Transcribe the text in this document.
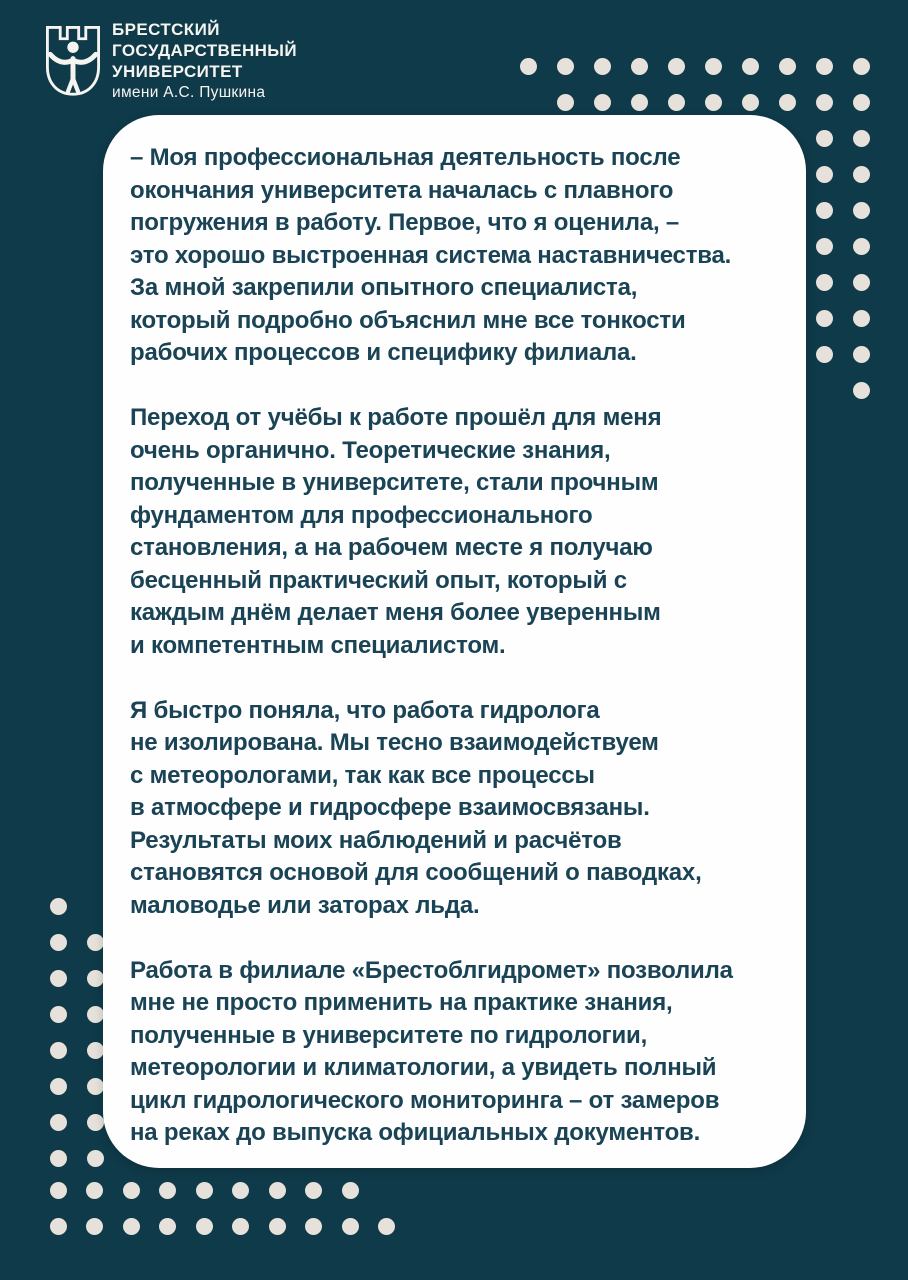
БРЕСТСКИЙ
ГОСУДАРСТВЕННЫЙ
УНИВЕРСИТЕТ
имени А.С. Пушкина
– Моя профессиональная деятельность после
окончания университета началась с плавного
погружения в работу. Первое, что я оценила, –
это хорошо выстроенная система наставничества.
За мной закрепили опытного специалиста,
который подробно объяснил мне все тонкости
рабочих процессов и специфику филиала.
Переход от учёбы к работе прошёл для меня
очень органично. Теоретические знания,
полученные в университете, стали прочным
фундаментом для профессионального
становления, а на рабочем месте я получаю
бесценный практический опыт, который с
каждым днём делает меня более уверенным
и компетентным специалистом.
Я быстро поняла, что работа гидролога
не изолирована. Мы тесно взаимодействуем
с метеорологами, так как все процессы
в атмосфере и гидросфере взаимосвязаны.
Результаты моих наблюдений и расчётов
становятся основой для сообщений о паводках,
маловодье или заторах льда.
Работа в филиале «Брестоблгидромет» позволила
мне не просто применить на практике знания,
полученные в университете по гидрологии,
метеорологии и климатологии, а увидеть полный
цикл гидрологического мониторинга – от замеров
на реках до выпуска официальных документов.
